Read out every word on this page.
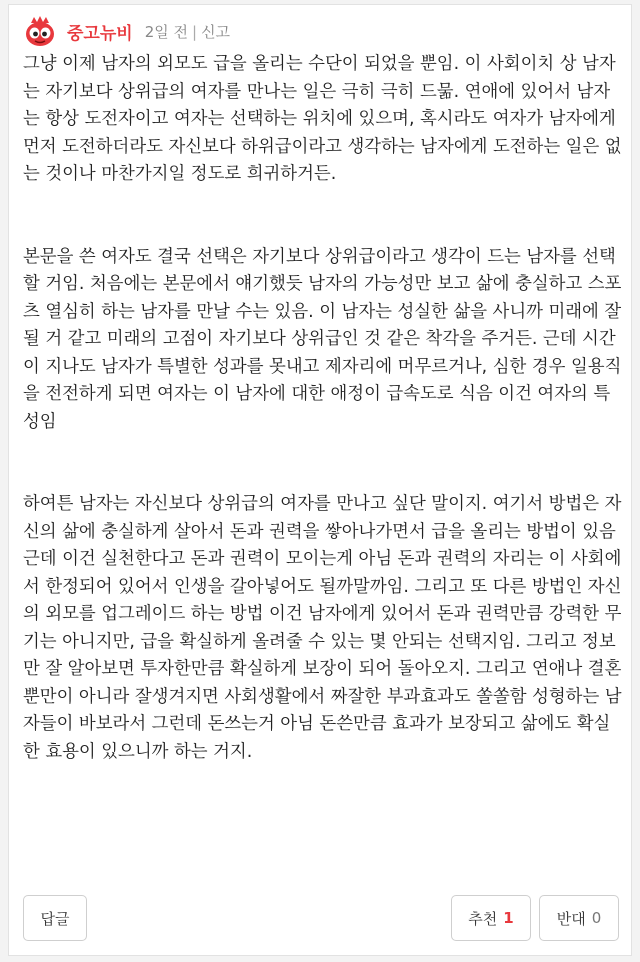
중고뉴비 2일 전 | 신고

그냥 이제 남자의 외모도 급을 올리는 수단이 되었을 뿐임. 이 사회이치 상 남자는 자기보다 상위급의 여자를 만나는 일은 극히 극히 드묾. 연애에 있어서 남자는 항상 도전자이고 여자는 선택하는 위치에 있으며, 혹시라도 여자가 남자에게 먼저 도전하더라도 자신보다 하위급이라고 생각하는 남자에게 도전하는 일은 없는 것이나 마찬가지일 정도로 희귀하거든.

본문을 쓴 여자도 결국 선택은 자기보다 상위급이라고 생각이 드는 남자를 선택할 거임. 처음에는 본문에서 얘기했듯 남자의 가능성만 보고 삶에 충실하고 스포츠 열심히 하는 남자를 만날 수는 있음. 이 남자는 성실한 삶을 사니까 미래에 잘 될 거 같고 미래의 고점이 자기보다 상위급인 것 같은 착각을 주거든. 근데 시간이 지나도 남자가 특별한 성과를 못내고 제자리에 머무르거나, 심한 경우 일용직을 전전하게 되면 여자는 이 남자에 대한 애정이 급속도로 식음 이건 여자의 특성임

하여튼 남자는 자신보다 상위급의 여자를 만나고 싶단 말이지. 여기서 방법은 자신의 삶에 충실하게 살아서 돈과 권력을 쌓아나가면서 급을 올리는 방법이 있음 근데 이건 실천한다고 돈과 권력이 모이는게 아님 돈과 권력의 자리는 이 사회에서 한정되어 있어서 인생을 갈아넣어도 될까말까임. 그리고 또 다른 방법인 자신의 외모를 업그레이드 하는 방법 이건 남자에게 있어서 돈과 권력만큼 강력한 무기는 아니지만, 급을 확실하게 올려줄 수 있는 몇 안되는 선택지임. 그리고 정보만 잘 알아보면 투자한만큼 확실하게 보장이 되어 돌아오지. 그리고 연애나 결혼뿐만이 아니라 잘생겨지면 사회생활에서 짜잘한 부과효과도 쏠쏠함 성형하는 남자들이 바보라서 그런데 돈쓰는거 아님 돈쓴만큼 효과가 보장되고 삶에도 확실한 효용이 있으니까 하는 거지.

답글	추천 1	반대 0
